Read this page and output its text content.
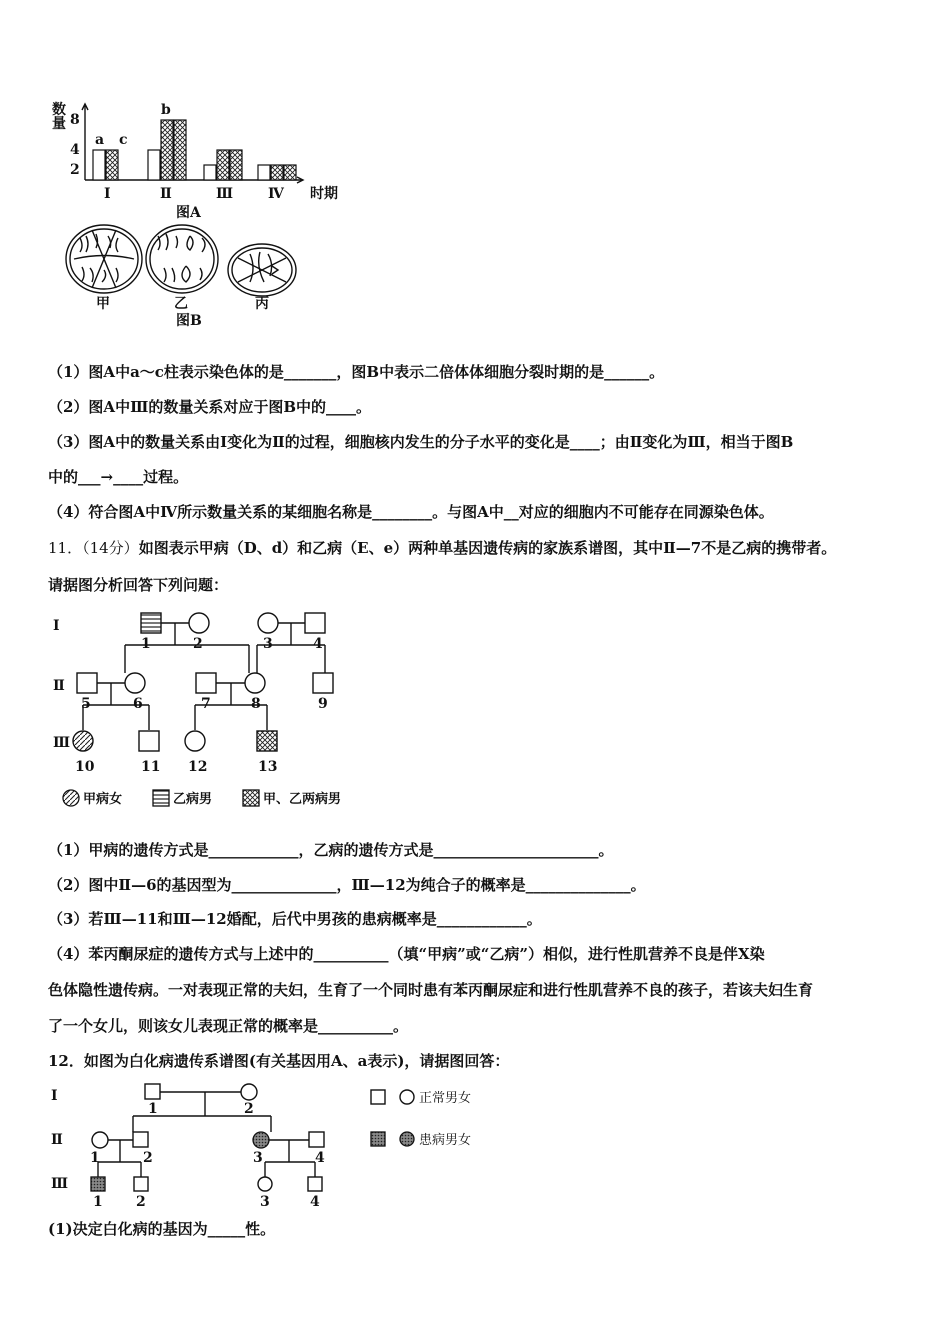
数
量 8
4
2
Ⅰ	Ⅱ	Ⅲ Ⅳ 时期
a c
b
图A
甲	乙	丙
图B
（1）图A中a～c柱表示染色体的是_______，图B中表示二倍体体细胞分裂时期的是______。
（2）图A中Ⅲ的数量关系对应于图B中的____。
（3）图A中的数量关系由Ⅰ变化为Ⅱ的过程，细胞核内发生的分子水平的变化是____；由Ⅱ变化为Ⅲ，相当于图B
中的___→____过程。
（4）符合图A中Ⅳ所示数量关系的某细胞名称是________。与图A中__对应的细胞内不可能存在同源染色体。
11．（14分）如图表示甲病（D、d）和乙病（E、e）两种单基因遗传病的家族系谱图，其中Ⅱ—7不是乙病的携带者。
请据图分析回答下列问题：
Ⅰ
Ⅱ
Ⅲ
1	2	3	4
5	6	7	8	9
10	11 12	13
甲病女	乙病男	甲、乙两病男
（1）甲病的遗传方式是____________，乙病的遗传方式是______________________。
（2）图中Ⅱ—6的基因型为______________，Ⅲ—12为纯合子的概率是______________。
（3）若Ⅲ—11和Ⅲ—12婚配，后代中男孩的患病概率是____________。
（4）苯丙酮尿症的遗传方式与上述中的__________（填“甲病”或“乙病”）相似，进行性肌营养不良是伴X染
色体隐性遗传病。一对表现正常的夫妇，生育了一个同时患有苯丙酮尿症和进行性肌营养不良的孩子，若该夫妇生育
了一个女儿，则该女儿表现正常的概率是__________。
12．如图为白化病遗传系谱图(有关基因用A、a表示)，请据图回答：
Ⅰ
Ⅱ
Ⅲ
1	2
1	2	3	4
1 2	3	4
正常男女
患病男女
(1)决定白化病的基因为_____性。
